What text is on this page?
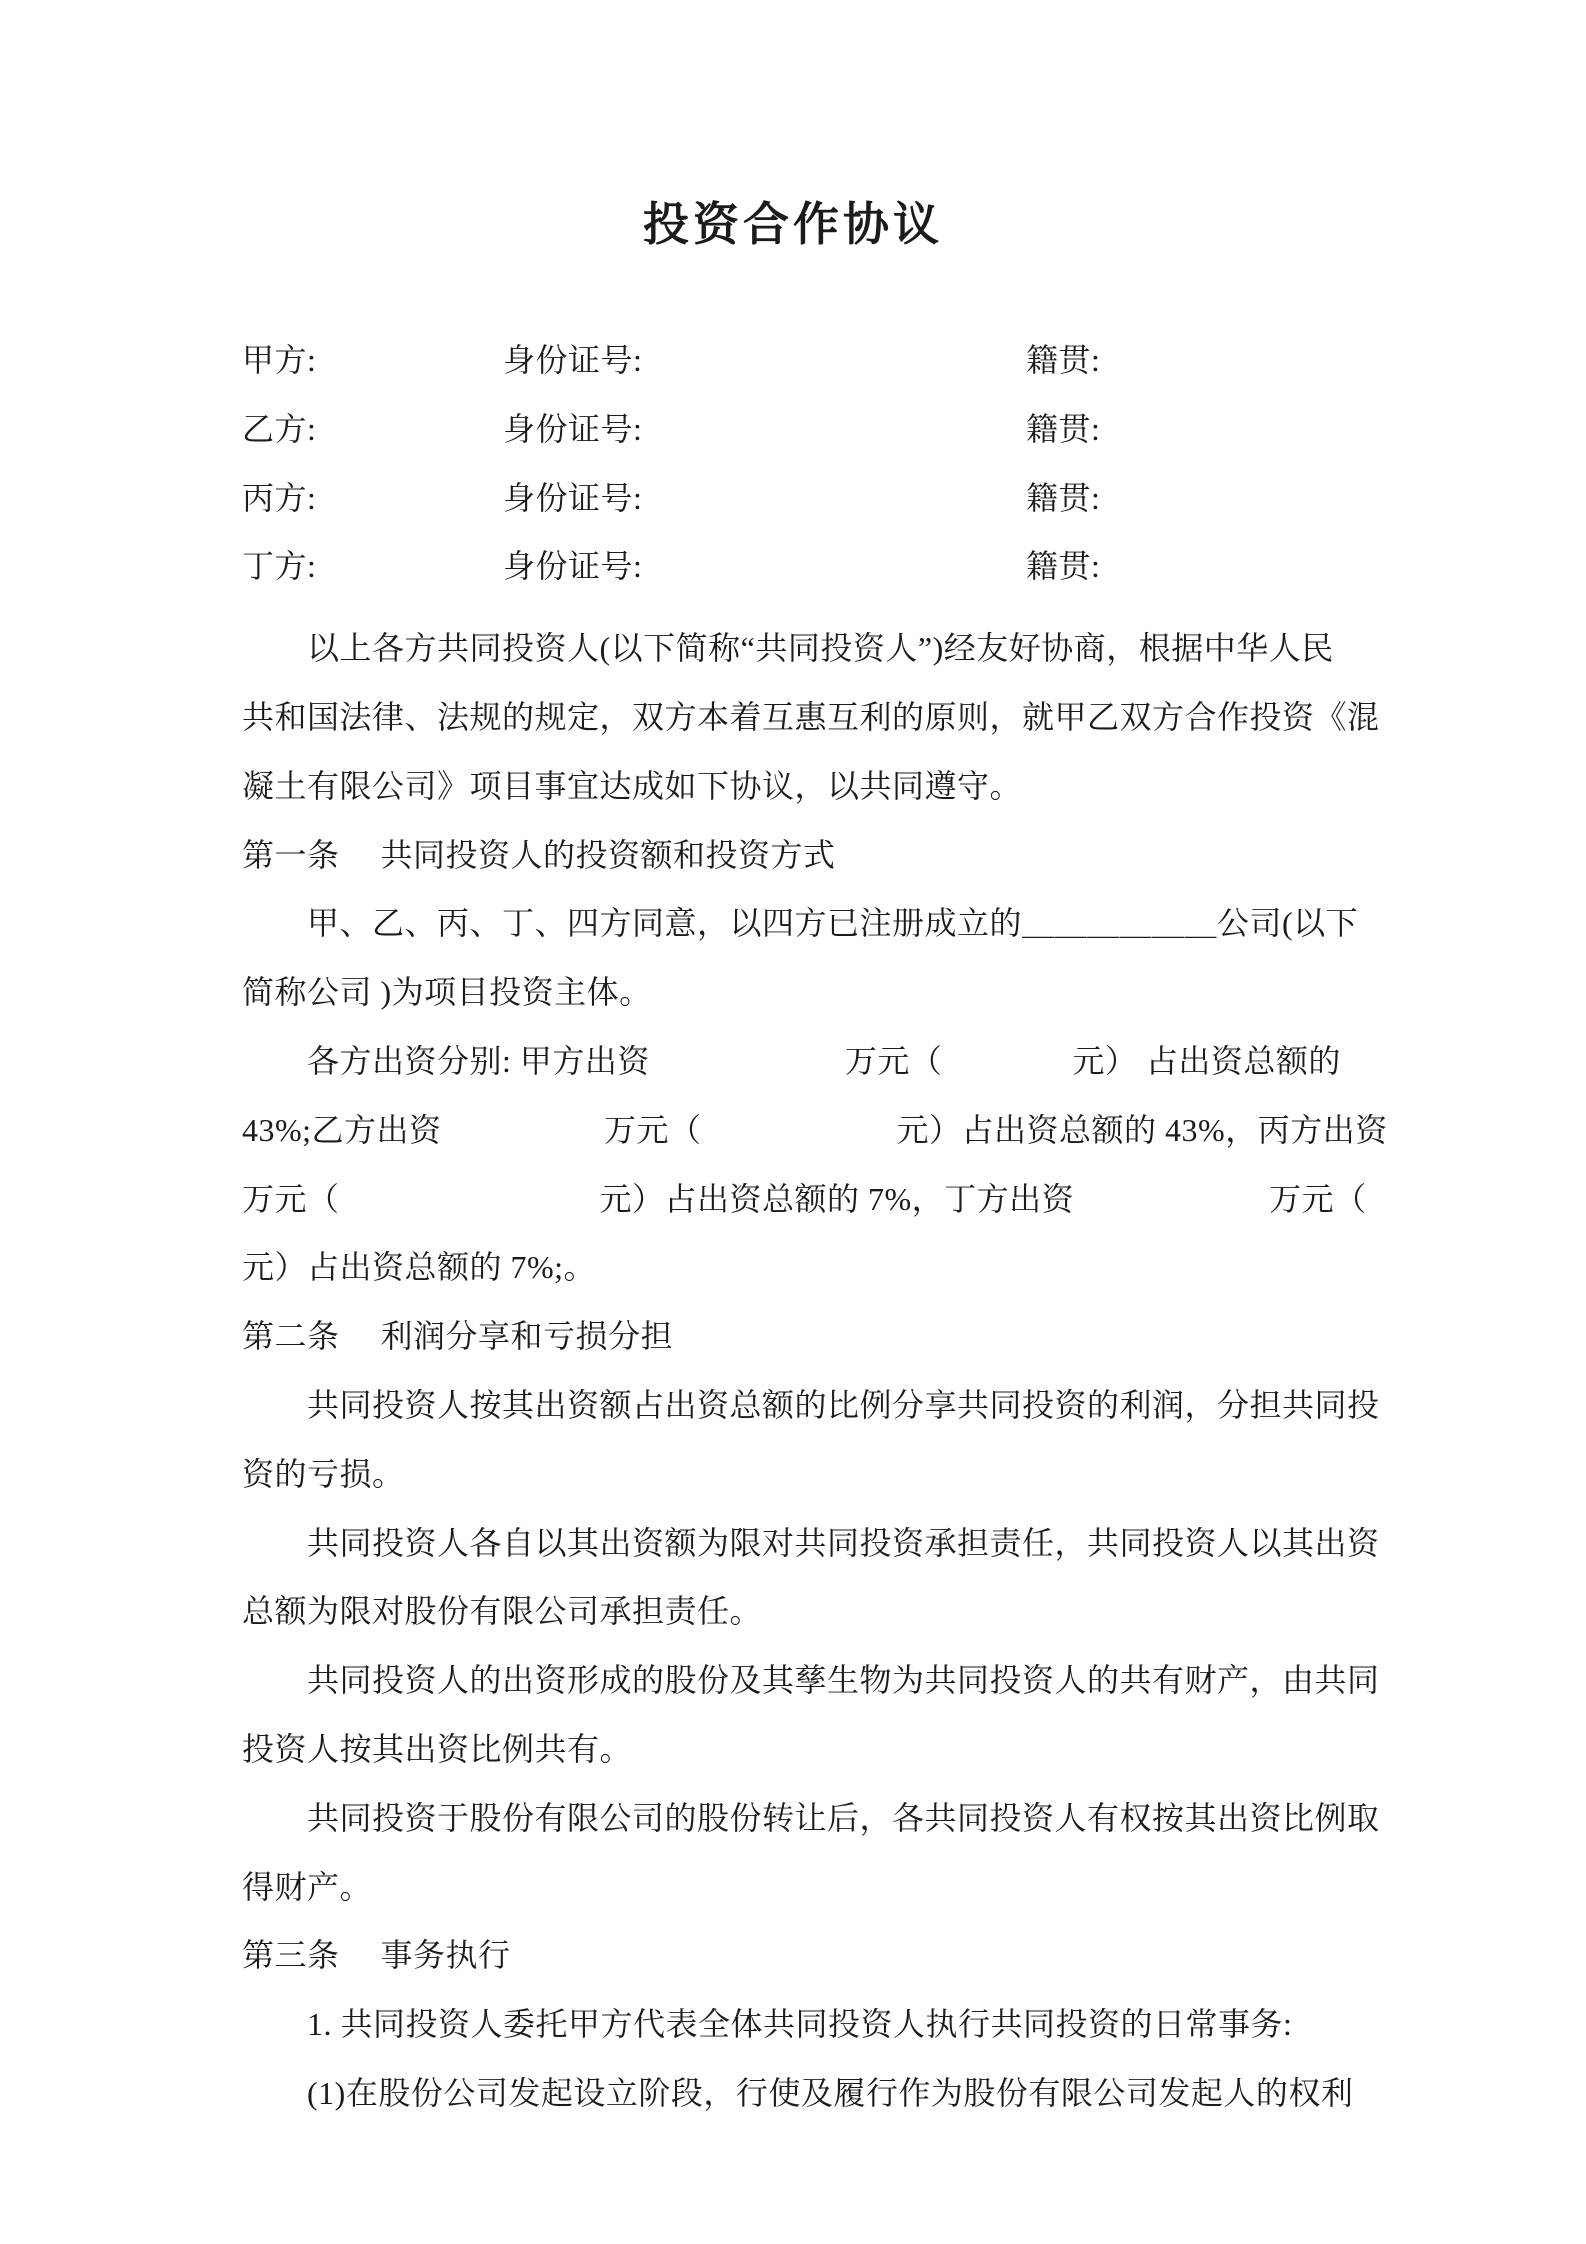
投资合作协议
甲方:	身份证号:	籍贯:
乙方:	身份证号:	籍贯:
丙方:	身份证号:	籍贯:
丁方:	身份证号:	籍贯:
　　以上各方共同投资人(以下简称“共同投资人”)经友好协商，根据中华人民
共和国法律、法规的规定，双方本着互惠互利的原则，就甲乙双方合作投资《混
凝土有限公司》项目事宜达成如下协议，以共同遵守。
第一条　 共同投资人的投资额和投资方式
　　甲、乙、丙、丁、四方同意，以四方已注册成立的＿＿＿＿＿＿公司(以下
简称公司 )为项目投资主体。
　　各方出资分别: 甲方出资　　　　　　万元（　　　　元） 占出资总额的
43%;乙方出资　　　　　万元（　　　　　　元）占出资总额的 43%，丙方出资
万元（　　　　　　　　元）占出资总额的 7%，丁方出资　　　　　　万元（
元）占出资总额的 7%;。
第二条　 利润分享和亏损分担
　　共同投资人按其出资额占出资总额的比例分享共同投资的利润，分担共同投
资的亏损。
　　共同投资人各自以其出资额为限对共同投资承担责任，共同投资人以其出资
总额为限对股份有限公司承担责任。
　　共同投资人的出资形成的股份及其孳生物为共同投资人的共有财产，由共同
投资人按其出资比例共有。
　　共同投资于股份有限公司的股份转让后，各共同投资人有权按其出资比例取
得财产。
第三条　 事务执行
　　1. 共同投资人委托甲方代表全体共同投资人执行共同投资的日常事务:
　　(1)在股份公司发起设立阶段，行使及履行作为股份有限公司发起人的权利
